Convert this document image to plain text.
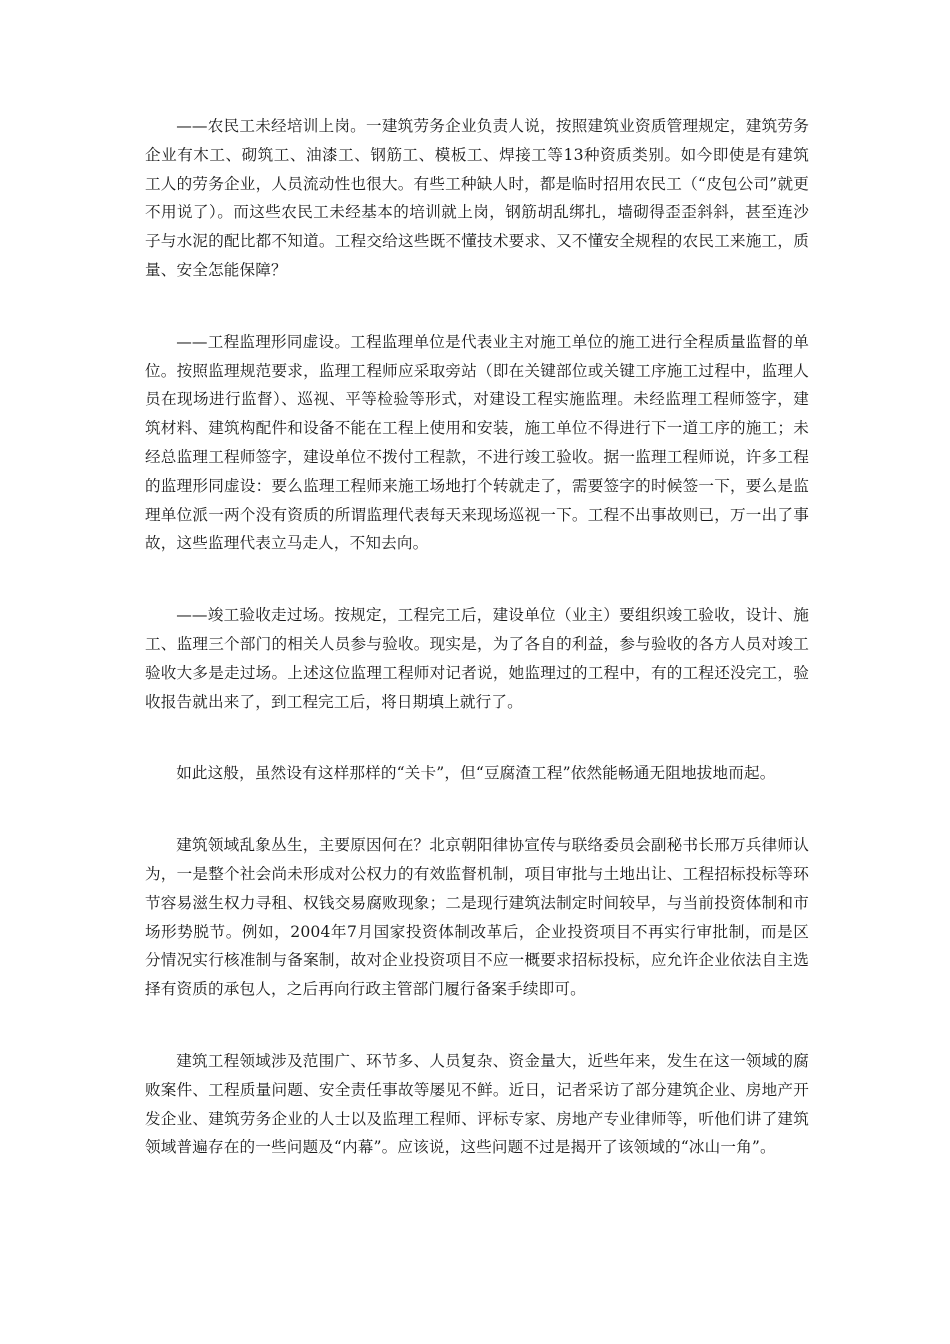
——农民工未经培训上岗。一建筑劳务企业负责人说，按照建筑业资质管理规定，建筑劳务企业有木工、砌筑工、油漆工、钢筋工、模板工、焊接工等13种资质类别。如今即使是有建筑工人的劳务企业，人员流动性也很大。有些工种缺人时，都是临时招用农民工（“皮包公司”就更不用说了）。而这些农民工未经基本的培训就上岗，钢筋胡乱绑扎，墙砌得歪歪斜斜，甚至连沙子与水泥的配比都不知道。工程交给这些既不懂技术要求、又不懂安全规程的农民工来施工，质量、安全怎能保障？

——工程监理形同虚设。工程监理单位是代表业主对施工单位的施工进行全程质量监督的单位。按照监理规范要求，监理工程师应采取旁站（即在关键部位或关键工序施工过程中，监理人员在现场进行监督）、巡视、平等检验等形式，对建设工程实施监理。未经监理工程师签字，建筑材料、建筑构配件和设备不能在工程上使用和安装，施工单位不得进行下一道工序的施工；未经总监理工程师签字，建设单位不拨付工程款，不进行竣工验收。据一监理工程师说，许多工程的监理形同虚设：要么监理工程师来施工场地打个转就走了，需要签字的时候签一下，要么是监理单位派一两个没有资质的所谓监理代表每天来现场巡视一下。工程不出事故则已，万一出了事故，这些监理代表立马走人，不知去向。

——竣工验收走过场。按规定，工程完工后，建设单位（业主）要组织竣工验收，设计、施工、监理三个部门的相关人员参与验收。现实是，为了各自的利益，参与验收的各方人员对竣工验收大多是走过场。上述这位监理工程师对记者说，她监理过的工程中，有的工程还没完工，验收报告就出来了，到工程完工后，将日期填上就行了。

如此这般，虽然设有这样那样的“关卡”，但“豆腐渣工程”依然能畅通无阻地拔地而起。

建筑领域乱象丛生，主要原因何在？北京朝阳律协宣传与联络委员会副秘书长邢万兵律师认为，一是整个社会尚未形成对公权力的有效监督机制，项目审批与土地出让、工程招标投标等环节容易滋生权力寻租、权钱交易腐败现象；二是现行建筑法制定时间较早，与当前投资体制和市场形势脱节。例如，2004年7月国家投资体制改革后，企业投资项目不再实行审批制，而是区分情况实行核准制与备案制，故对企业投资项目不应一概要求招标投标，应允许企业依法自主选择有资质的承包人，之后再向行政主管部门履行备案手续即可。

建筑工程领域涉及范围广、环节多、人员复杂、资金量大，近些年来，发生在这一领域的腐败案件、工程质量问题、安全责任事故等屡见不鲜。近日，记者采访了部分建筑企业、房地产开发企业、建筑劳务企业的人士以及监理工程师、评标专家、房地产专业律师等，听他们讲了建筑领域普遍存在的一些问题及“内幕”。应该说，这些问题不过是揭开了该领域的“冰山一角”。
